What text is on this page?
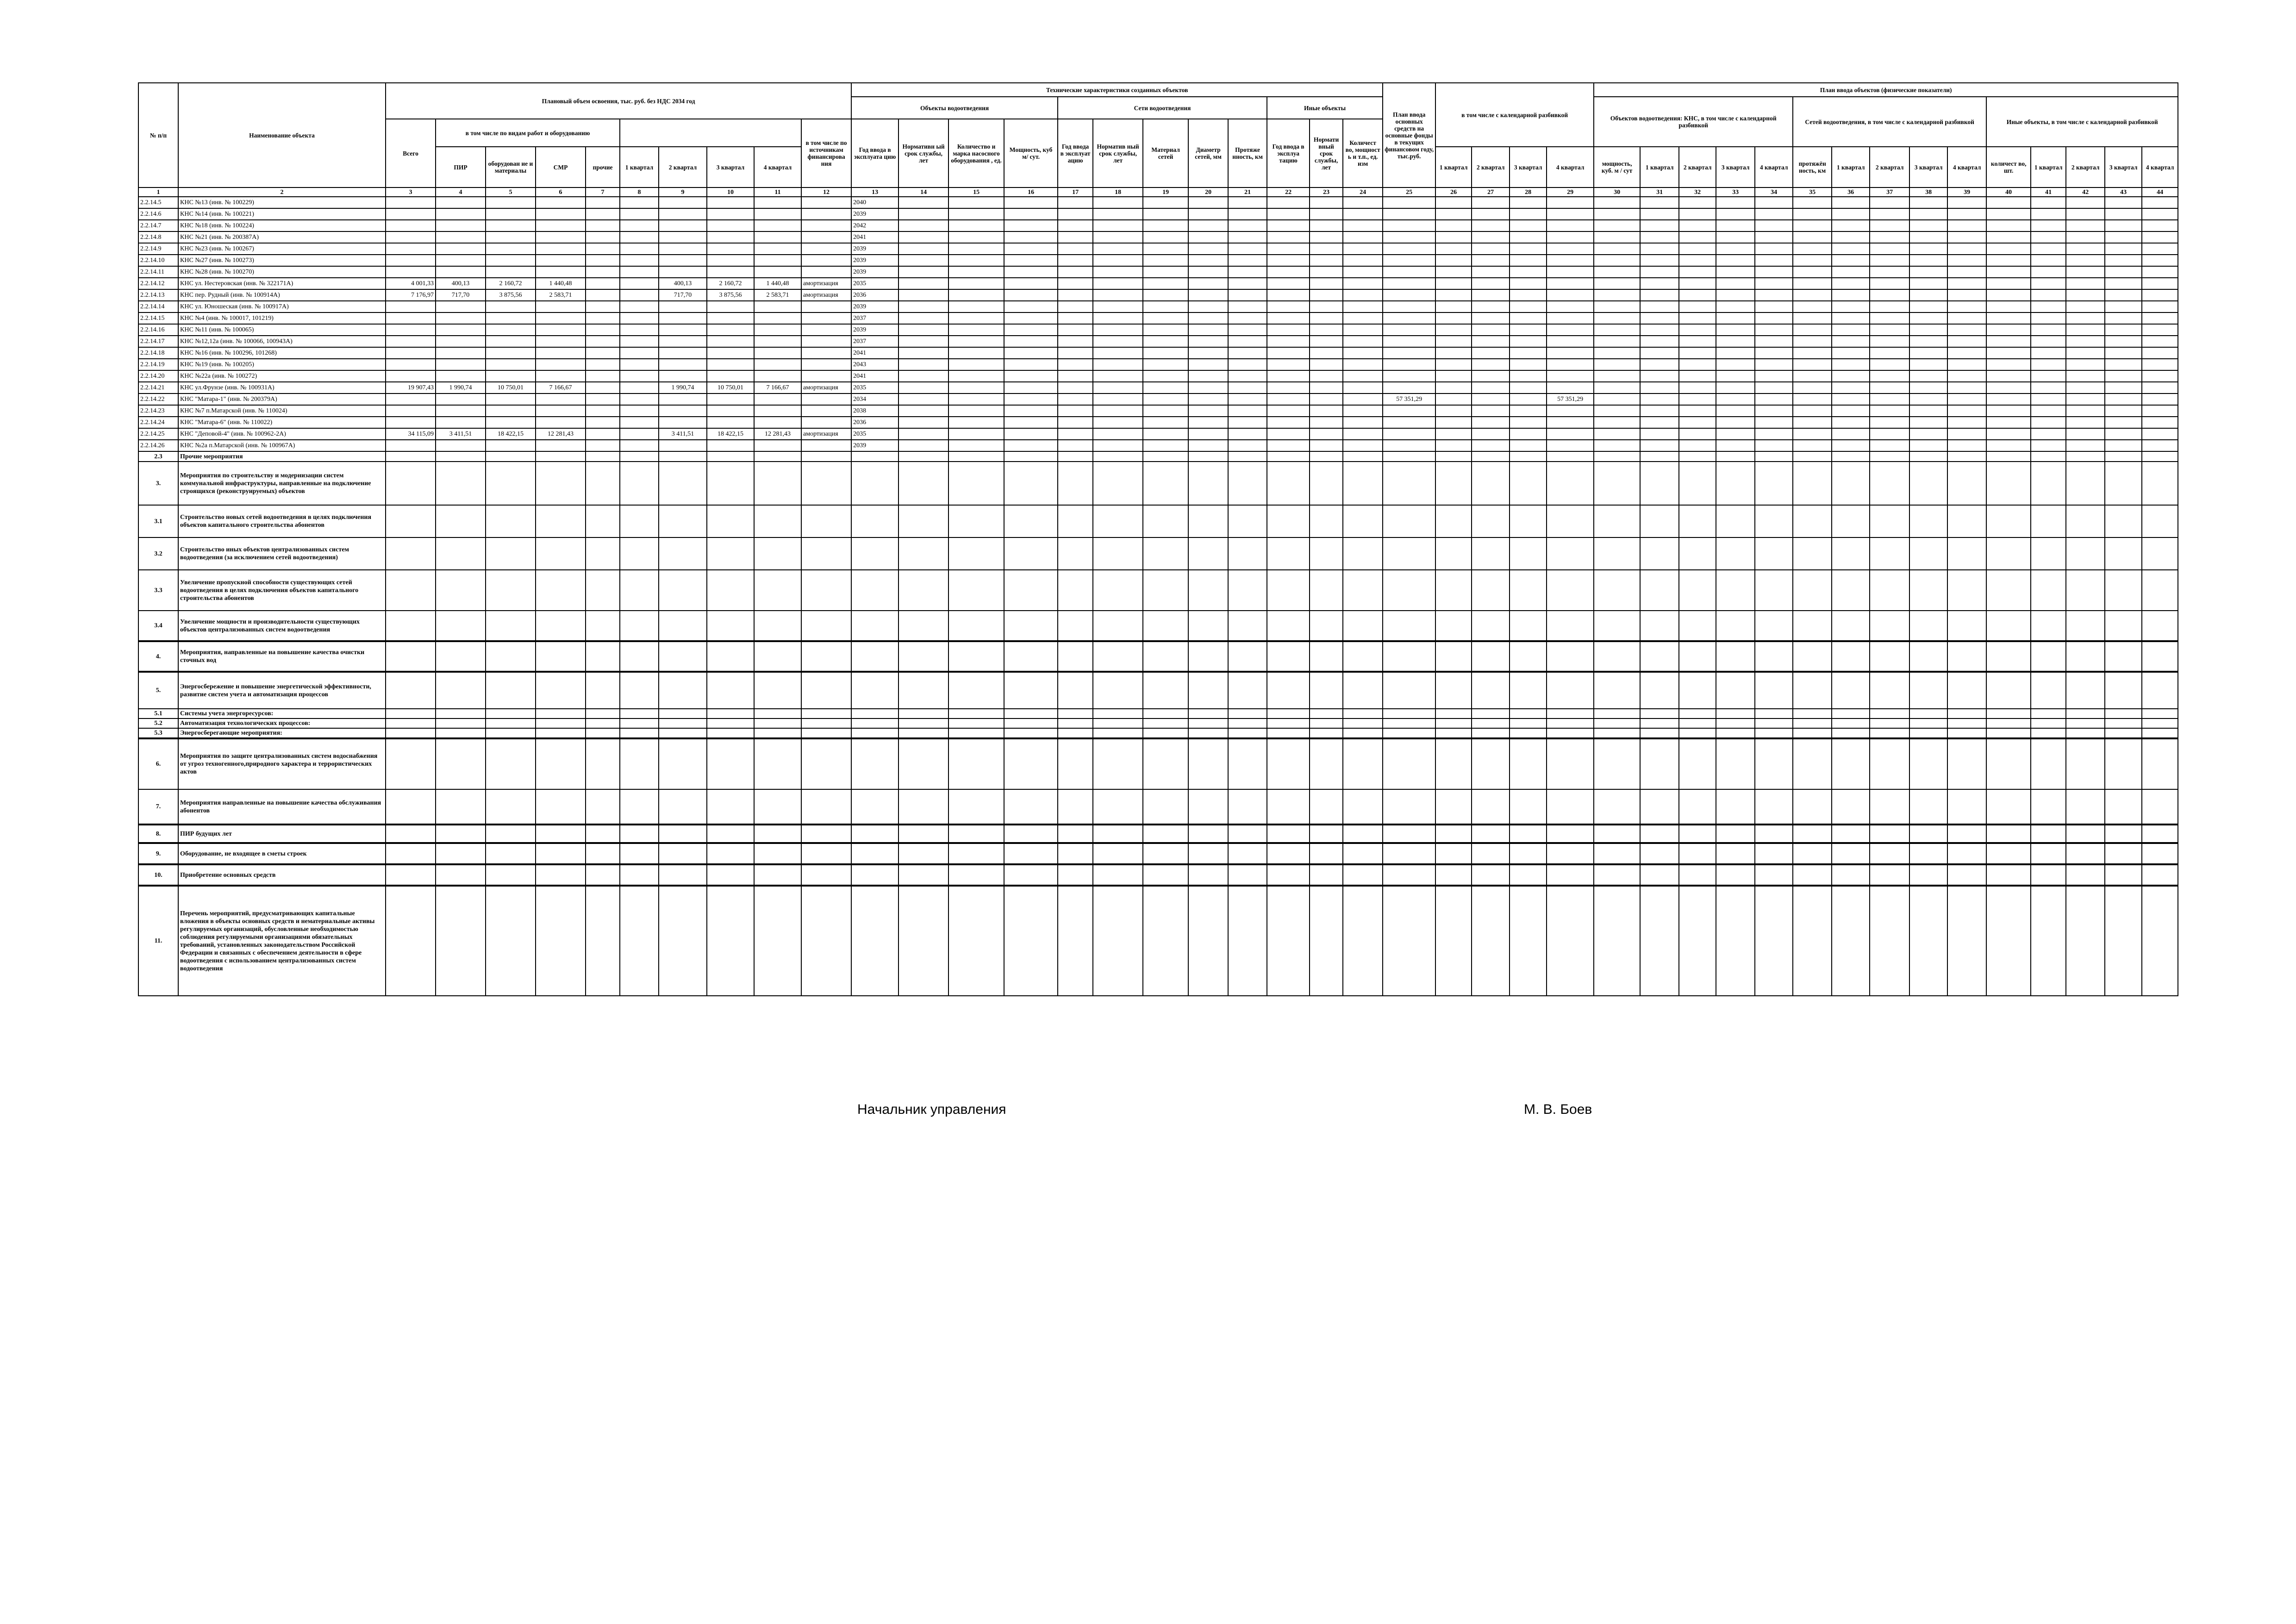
№ п/п	Наименование объекта	Плановый объем освоения, тыс. руб. без НДС 2034 год										Технические характеристики созданных объектов												План ввода основных средств на основные фонды в текущих финансовом году, тыс.руб.	в том числе с календарной разбивкой				План ввода объектов (физические показатели)														
												Объекты водоотведения				Сети водоотведения					Иные объекты								Объектов водоотведения: КНС, в том числе с календарной разбивкой					Сетей водоотведения, в том числе с календарной разбивкой					Иные объекты, в том числе с календарной разбивкой				
		Всего	в том числе по видам работ и оборудованию								в том числе по источникам финансирова ния	Год ввода в эксплуата цию	Нормативн ый срок службы, лет	Количество и марка насосного оборудования , ед.	Мощность, куб м/ сут.	Год ввода в эксплуат ацию	Норматив ный срок службы, лет	Материал сетей	Диаметр сетей, мм	Протяже нность, км	Год ввода в эксплуа тацию	Нормати вный срок службы, лет	Количест во, мощност ь и т.п., ед. изм																				
			ПИР	оборудован ие и материалы	СМР	прочие	1 квартал	2 квартал	3 квартал	4 квартал															1 квартал	2 квартал	3 квартал	4 квартал	мощность, куб. м / сут	1 квартал	2 квартал	3 квартал	4 квартал	протяжён ность, км	1 квартал	2 квартал	3 квартал	4 квартал	количест во, шт.	1 квартал	2 квартал	3 квартал	4 квартал
1	2	3	4	5	6	7	8	9	10	11	12	13	14	15	16	17	18	19	20	21	22	23	24	25	26	27	28	29	30	31	32	33	34	35	36	37	38	39	40	41	42	43	44
2.2.14.5	КНС №13 (инв. № 100229)											2040																															
2.2.14.6	КНС №14 (инв. № 100221)											2039																															
2.2.14.7	КНС №18 (инв. № 100224)											2042																															
2.2.14.8	КНС №21 (инв. № 200387А)											2041																															
2.2.14.9	КНС №23 (инв. № 100267)											2039																															
2.2.14.10	КНС №27 (инв. № 100273)											2039																															
2.2.14.11	КНС №28 (инв. № 100270)											2039																															
2.2.14.12	КНС ул. Нестеровская (инв. № 322171А)	4 001,33	400,13	2 160,72	1 440,48			400,13	2 160,72	1 440,48	амортизация	2035																															
2.2.14.13	КНС пер. Рудный (инв. № 100914А)	7 176,97	717,70	3 875,56	2 583,71			717,70	3 875,56	2 583,71	амортизация	2036																															
2.2.14.14	КНС ул. Юношеская (инв. № 100917А)											2039																															
2.2.14.15	КНС №4 (инв. № 100017, 101219)											2037																															
2.2.14.16	КНС №11 (инв. № 100065)											2039																															
2.2.14.17	КНС №12,12а (инв. № 100066, 100943А)											2037																															
2.2.14.18	КНС №16 (инв. № 100296, 101268)											2041																															
2.2.14.19	КНС №19 (инв. № 100205)											2043																															
2.2.14.20	КНС №22а (инв. № 100272)											2041																															
2.2.14.21	КНС ул.Фрунзе (инв. № 100931А)	19 907,43	1 990,74	10 750,01	7 166,67			1 990,74	10 750,01	7 166,67	амортизация	2035																															
2.2.14.22	КНС "Матара-1" (инв. № 200379А)											2034												57 351,29				57 351,29															
2.2.14.23	КНС №7 п.Матарской (инв. № 110024)											2038																															
2.2.14.24	КНС "Матара-6" (инв. № 110022)											2036																															
2.2.14.25	КНС "Деповой-4" (инв. № 100962-2А)	34 115,09	3 411,51	18 422,15	12 281,43			3 411,51	18 422,15	12 281,43	амортизация	2035																															
2.2.14.26	КНС №2а п.Матарской (инв. № 100967А)											2039																															
2.3	Прочие мероприятия																																										
3.	Мероприятия по строительству и модернизации систем коммунальной инфраструктуры, направленные на подключение строящихся (реконструируемых) объектов																																										
3.1	Строительство новых сетей водоотведения в целях подключения объектов капитального строительства абонентов																																										
3.2	Строительство иных объектов централизованных систем водоотведения (за исключением сетей водоотведения)																																										
3.3	Увеличение пропускной способности существующих сетей водоотведения в целях подключения объектов капитального строительства абонентов																																										
3.4	Увеличение мощности и производительности существующих объектов централизованных систем водоотведения																																										
4.	Мероприятия, направленные на повышение качества очистки сточных вод																																										
5.	Энергосбережение и повышение энергетической эффективности, развитие систем учета и автоматизация процессов																																										
5.1	Системы учета энергоресурсов:																																										
5.2	Автоматизация технологических процессов:																																										
5.3	Энергосберегающие мероприятия:																																										
6.	Мероприятия по защите централизованных систем водоснабжения от угроз техногенного,природного характера и террористических актов																																										
7.	Мероприятия направленные на повышение качества обслуживания абонентов																																										
8.	ПИР будущих лет																																										
9.	Оборудование, не входящее в сметы строек																																										
10.	Приобретение основных средств																																										
11.	Перечень мероприятий, предусматривающих капитальные вложения в объекты основных средств и нематериальные активы регулируемых организаций, обусловленные необходимостью соблюдения регулируемыми организациями обязательных требований, установленных законодательством Российской Федерации и связанных с обеспечением деятельности в сфере водоотведения с использованием централизованных систем водоотведения																																										
Начальник управления	М. В. Боев
